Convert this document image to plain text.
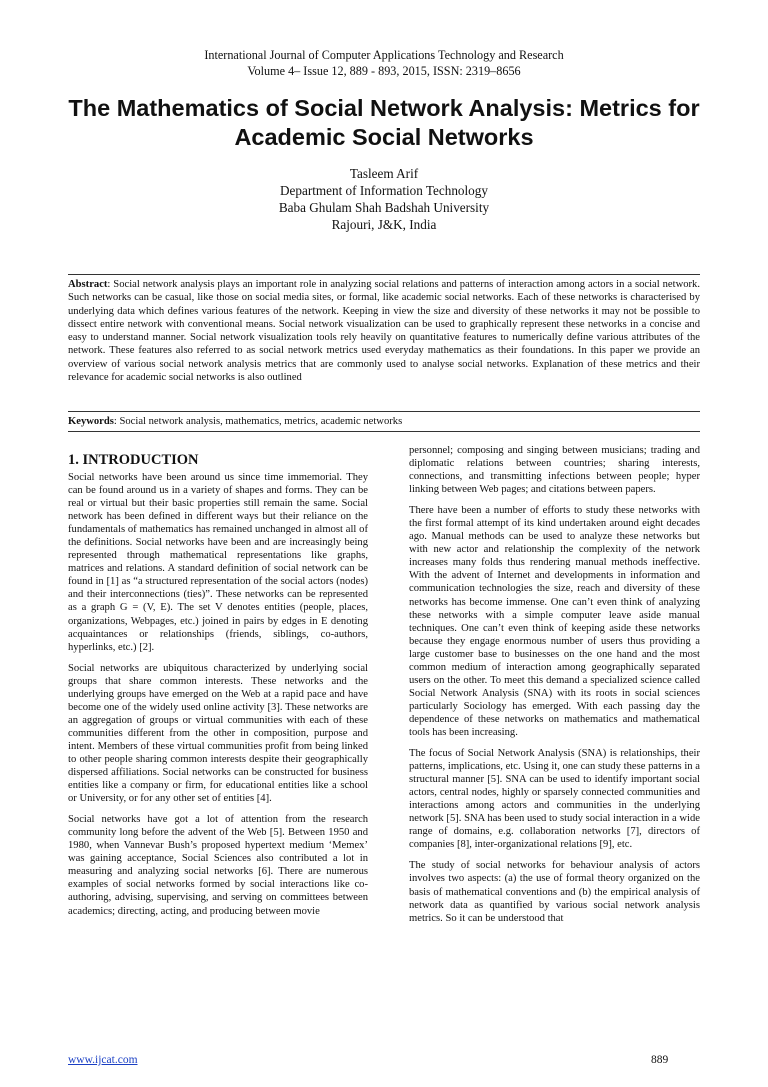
International Journal of Computer Applications Technology and Research
Volume 4– Issue 12, 889 - 893, 2015, ISSN: 2319–8656
The Mathematics of Social Network Analysis: Metrics for Academic Social Networks
Tasleem Arif
Department of Information Technology
Baba Ghulam Shah Badshah University
Rajouri, J&K, India
Abstract: Social network analysis plays an important role in analyzing social relations and patterns of interaction among actors in a social network. Such networks can be casual, like those on social media sites, or formal, like academic social networks. Each of these networks is characterised by underlying data which defines various features of the network. Keeping in view the size and diversity of these networks it may not be possible to dissect entire network with conventional means. Social network visualization can be used to graphically represent these networks in a concise and easy to understand manner. Social network visualization tools rely heavily on quantitative features to numerically define various attributes of the network. These features also referred to as social network metrics used everyday mathematics as their foundations. In this paper we provide an overview of various social network analysis metrics that are commonly used to analyse social networks. Explanation of these metrics and their relevance for academic social networks is also outlined
Keywords: Social network analysis, mathematics, metrics, academic networks
1. INTRODUCTION

Social networks have been around us since time immemorial. They can be found around us in a variety of shapes and forms. They can be real or virtual but their basic properties still remain the same. Social network has been defined in different ways but their reliance on the fundamentals of mathematics has remained unchanged in almost all of the definitions. Social networks have been and are increasingly being represented through mathematical representations like graphs, matrices and relations. A standard definition of social network can be found in [1] as “a structured representation of the social actors (nodes) and their interconnections (ties)”. These networks can be represented as a graph G = (V, E). The set V denotes entities (people, places, organizations, Webpages, etc.) joined in pairs by edges in E denoting acquaintances or relationships (friends, siblings, co-authors, hyperlinks, etc.) [2].

Social networks are ubiquitous characterized by underlying social groups that share common interests. These networks and the underlying groups have emerged on the Web at a rapid pace and have become one of the widely used online activity [3]. These networks are an aggregation of groups or virtual communities with each of these communities different from the other in composition, purpose and intent. Members of these virtual communities profit from being linked to other people sharing common interests despite their geographically dispersed affiliations. Social networks can be constructed for business entities like a company or firm, for educational entities like a school or University, or for any other set of entities [4].

Social networks have got a lot of attention from the research community long before the advent of the Web [5]. Between 1950 and 1980, when Vannevar Bush’s proposed hypertext medium ‘Memex’ was gaining acceptance, Social Sciences also contributed a lot in measuring and analyzing social networks [6]. There are numerous examples of social networks formed by social interactions like co-authoring, advising, supervising, and serving on committees between academics; directing, acting, and producing between movie

personnel; composing and singing between musicians; trading and diplomatic relations between countries; sharing interests, connections, and transmitting infections between people; hyper linking between Web pages; and citations between papers.

There have been a number of efforts to study these networks with the first formal attempt of its kind undertaken around eight decades ago. Manual methods can be used to analyze these networks but with new actor and relationship the complexity of the network increases many folds thus rendering manual methods ineffective. With the advent of Internet and developments in information and communication technologies the size, reach and diversity of these networks has become immense. One can’t even think of analyzing these networks with a simple computer leave aside manual techniques. One can’t even think of keeping aside these networks because they engage enormous number of users thus providing a large customer base to businesses on the one hand and the most common medium of interaction among geographically separated users on the other. To meet this demand a specialized science called Social Network Analysis (SNA) with its roots in social sciences particularly Sociology has emerged. With each passing day the dependence of these networks on mathematics and mathematical tools has been increasing.

The focus of Social Network Analysis (SNA) is relationships, their patterns, implications, etc. Using it, one can study these patterns in a structural manner [5]. SNA can be used to identify important social actors, central nodes, highly or sparsely connected communities and interactions among actors and communities in the underlying network [5]. SNA has been used to study social interaction in a wide range of domains, e.g. collaboration networks [7], directors of companies [8], inter-organizational relations [9], etc.

The study of social networks for behaviour analysis of actors involves two aspects: (a) the use of formal theory organized on the basis of mathematical conventions and (b) the empirical analysis of network data as quantified by various social network analysis metrics. So it can be understood that

www.ijcat.com	889
